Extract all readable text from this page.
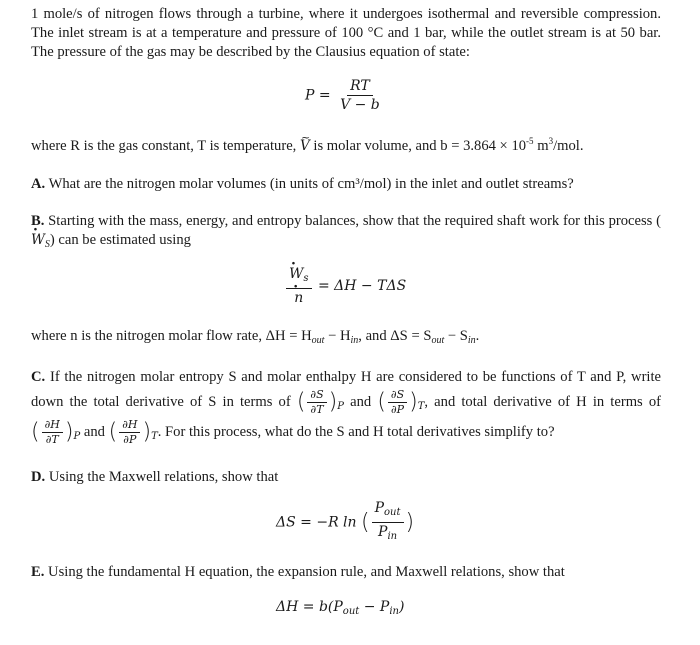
1 mole/s of nitrogen flows through a turbine, where it undergoes isothermal and reversible compression. The inlet stream is at a temperature and pressure of 100 °C and 1 bar, while the outlet stream is at 50 bar. The pressure of the gas may be described by the Clausius equation of state:

$P = \frac{RT}{V - b}$

where R is the gas constant, T is temperature, V ~ is molar volume, and $b = 3.864 \times 10^{-5}$ $m^3$/mol.

A. What are the nitrogen molar volumes (in units of cm³/mol) in the inlet and outlet streams?

B. Starting with the mass, energy, and entropy balances, show that the required shaft work for this process $(W \cdot_S)$ can be estimated using

$\frac{W \cdot_s}{n}$ · = ΔH − TΔS

where n is the nitrogen molar flow rate, $\Delta H = H_{out} - H_{in}$, and $\Delta S = S_{out} - S_{in}$.

C. If the nitrogen molar entropy S and molar enthalpy H are considered to be functions of T and P, write down the total derivative of S in terms of ( $\frac{\partial S}{\partial T} )_P$ and ( $\frac{\partial S}{\partial P} )_T$, and total derivative of H in terms of ( $\frac{\partial H}{\partial T} )_P$ and ( $\frac{\partial H}{\partial P} )_T$. For this process, what do the S and H total derivatives simplify to?

D. Using the Maxwell relations, show that

ΔS = −R ln ( $\frac{P_{out}}{P_{in}}$ )

E. Using the fundamental H equation, the expansion rule, and Maxwell relations, show that

$\Delta H = b(P_{out} - P_{in})$
